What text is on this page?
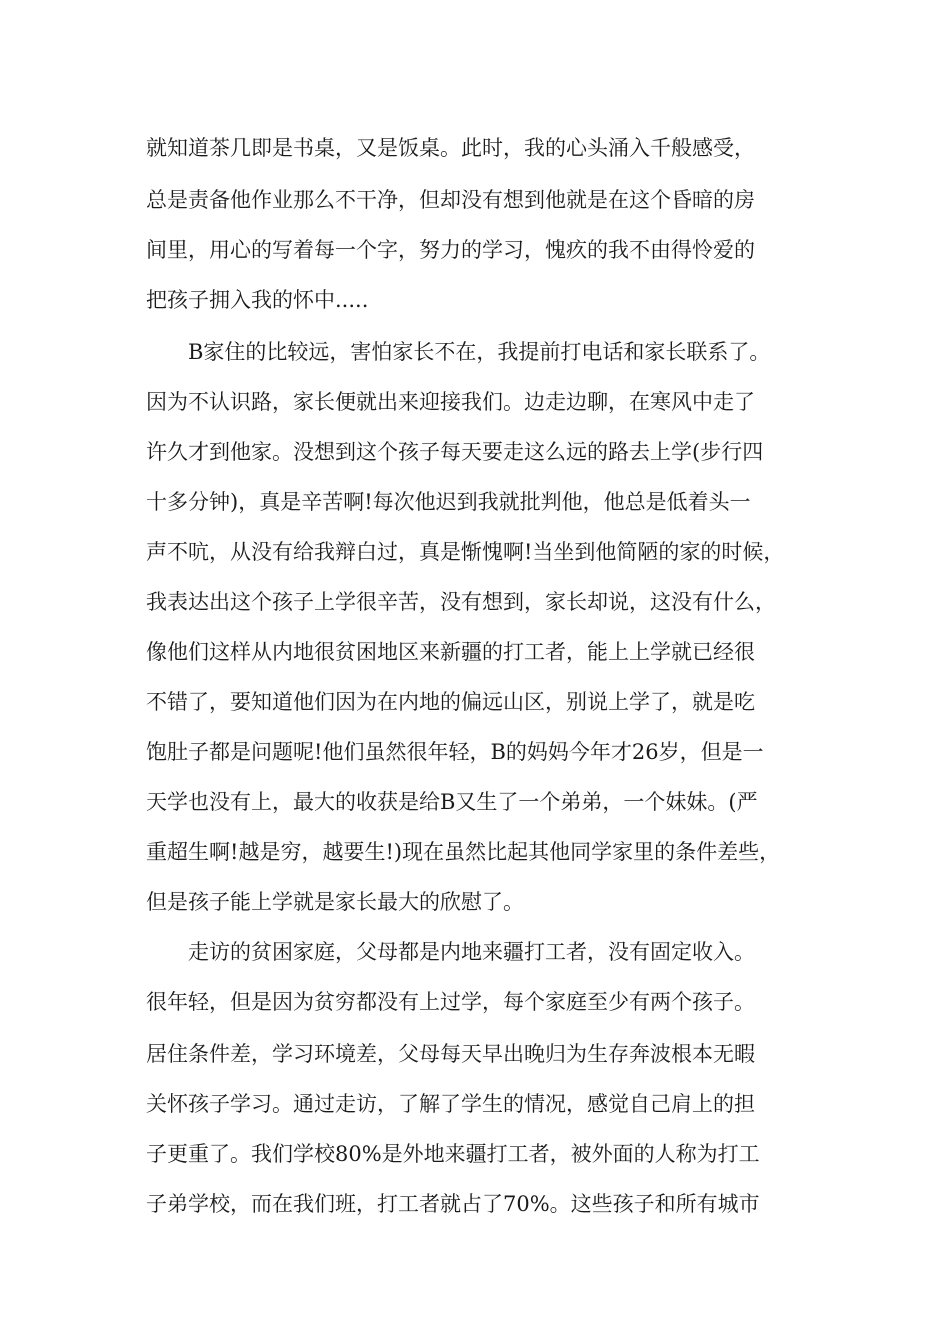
就知道茶几即是书桌，又是饭桌。此时，我的心头涌入千般感受，
总是责备他作业那么不干净，但却没有想到他就是在这个昏暗的房
间里，用心的写着每一个字，努力的学习，愧疚的我不由得怜爱的
把孩子拥入我的怀中.....
B家住的比较远，害怕家长不在，我提前打电话和家长联系了。
因为不认识路，家长便就出来迎接我们。边走边聊，在寒风中走了
许久才到他家。没想到这个孩子每天要走这么远的路去上学(步行四
十多分钟)，真是辛苦啊!每次他迟到我就批判他，他总是低着头一
声不吭，从没有给我辩白过，真是惭愧啊!当坐到他简陋的家的时候，
我表达出这个孩子上学很辛苦，没有想到，家长却说，这没有什么，
像他们这样从内地很贫困地区来新疆的打工者，能上上学就已经很
不错了，要知道他们因为在内地的偏远山区，别说上学了，就是吃
饱肚子都是问题呢!他们虽然很年轻，B的妈妈今年才26岁，但是一
天学也没有上，最大的收获是给B又生了一个弟弟，一个妹妹。(严
重超生啊!越是穷，越要生!)现在虽然比起其他同学家里的条件差些，
但是孩子能上学就是家长最大的欣慰了。
走访的贫困家庭，父母都是内地来疆打工者，没有固定收入。
很年轻，但是因为贫穷都没有上过学，每个家庭至少有两个孩子。
居住条件差，学习环境差，父母每天早出晚归为生存奔波根本无暇
关怀孩子学习。通过走访，了解了学生的情况，感觉自己肩上的担
子更重了。我们学校80%是外地来疆打工者，被外面的人称为打工
子弟学校，而在我们班，打工者就占了70%。这些孩子和所有城市
